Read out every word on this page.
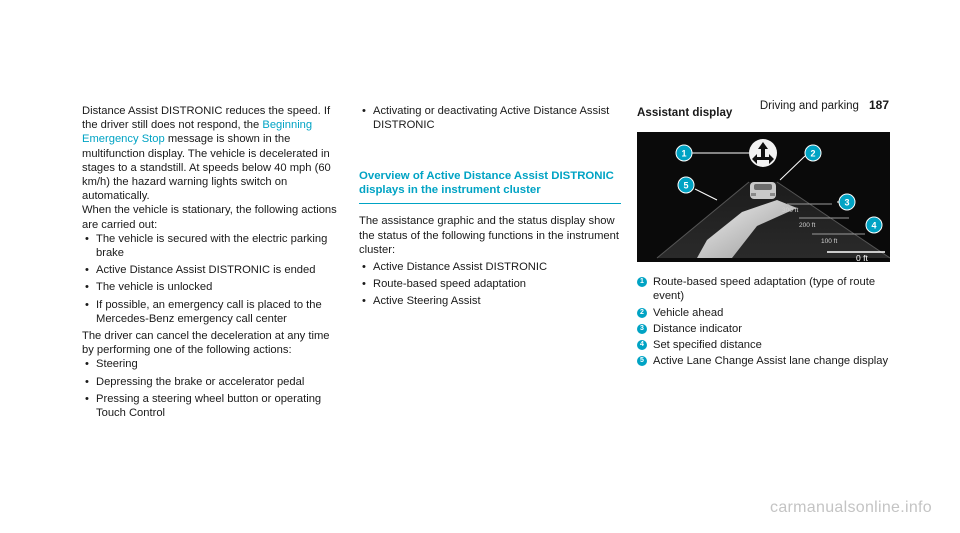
Driving and parking 187

Distance Assist DISTRONIC reduces the speed. If the driver still does not respond, the Beginning Emergency Stop message is shown in the multifunction display. The vehicle is decelerated in stages to a standstill. At speeds below 40 mph (60 km/h) the hazard warning lights switch on automatically.

When the vehicle is stationary, the following actions are carried out:

• The vehicle is secured with the electric parking brake
• Active Distance Assist DISTRONIC is ended
• The vehicle is unlocked
• If possible, an emergency call is placed to the Mercedes-Benz emergency call center

The driver can cancel the deceleration at any time by performing one of the following actions:

• Steering
• Depressing the brake or accelerator pedal
• Pressing a steering wheel button or operating Touch Control
• Activating or deactivating Active Distance Assist DISTRONIC
Overview of Active Distance Assist DISTRONIC displays in the instrument cluster

The assistance graphic and the status display show the status of the following functions in the instrument cluster:

• Active Distance Assist DISTRONIC
• Route-based speed adaptation
• Active Steering Assist
Assistant display
300 ft
200 ft
100 ft
0 ft
1	2
3
4
5
1 Route-based speed adaptation (type of route event)
2 Vehicle ahead
3 Distance indicator
4 Set specified distance
5 Active Lane Change Assist lane change display
carmanualsonline.info
